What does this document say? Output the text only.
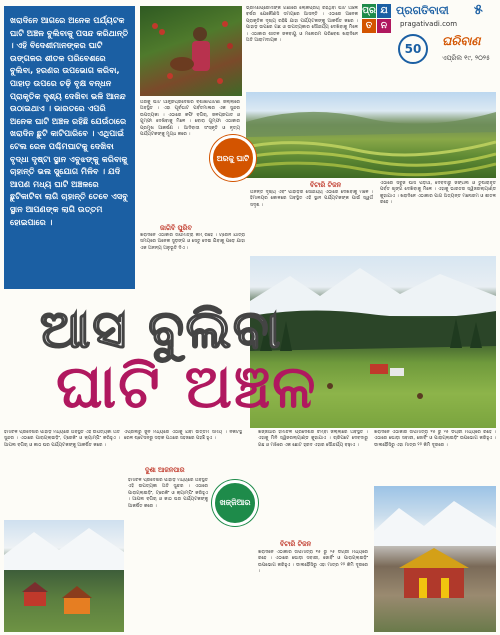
ଖରାଦିନେ ଆଗରେ ଅନେକ ପର୍ଯ୍ୟଟକ ଘାଟି ଅଞ୍ଚଳ ବୁଲିବାକୁ ପସନ୍ଦ କରିଥାନ୍ତି । ଏହି ବିଦେଶୀମାନଙ୍କର ଘାଟି ଉଙ୍ଗଳର ଶୀତଳ ପରିବେଶରେ ବୁଲିବା, ହରଣର ଉପଭୋଗ କରିବା, ପାହାଡ଼ ଉପରେ ଚଢ଼ି ବୃକ୍ଷ ବନ୍ଧନ ପ୍ରାକୃତିକ ଦୃଶ୍ୟ ଦେଖିବା ଭଳି ଆନନ୍ଦ ଉଠାଇଥାଏ । ଭାରତରେ ଏପରି ଅନେକ ଘାଟି ଅଞ୍ଚଳ ରହିଛି ଯେଉଁଠାରେ ଖରାଦିନ ଛୁଟି କାଟିପାରିବେ । ଏଥିପାଇଁ ଟେଲ ରେଳ ପଶ୍ଚିମଘାଟକୁ ଦେଖିବା ବୃଦ୍ଧା ଦୃଷ୍ଟା ସ୍ଥାନ ଏବୁଝଙ୍କୁ କରିବାକୁ ଚାହାନ୍ତି ଭଲ ସୁଯୋଗ ମିଳିବ । ଯଦି ଆପଣ ମଧ୍ୟ ଘାଟି ଅଞ୍ଚଳରେ ଛୁଟିକାଟିବା ଲାଗି ଚାହାନ୍ତି ତେବେ ଏସବୁ ସ୍ଥାନ ଆପଣଙ୍କ ଲାଗି ଉତ୍ତମ ହୋଇପାରେ ।
ଭ୍ରମଣପ୍ରେମୀଙ୍କ ଗଣାରେ ଲୋକପ୍ରିୟ ରହିଥିବା ଘାଟି ଅଞ୍ଚଳ ବର୍ଷର ଯେକୌଣସି ସମୟରେ ଆସନ୍ତି । ଏଠାରେ ଅନେକ ପ୍ରାକୃତିକ ଦୃଶ୍ୟ ରହିଛି ଯାହା ପର୍ଯ୍ୟଟକଙ୍କୁ ଆକର୍ଷିତ କରେ । ପାହାଡ଼ ଉପରେ ଗଛ ଓ ଉପତ୍ୟକାର ସୌନ୍ଦର୍ଯ୍ୟ ଦେଖିବାକୁ ମିଳେ । ଏଠାକାର ଶୀତଳ ଜଳବାୟୁ ଓ ମନୋରମ ପରିବେଶ ଖରାଦିନେ ଅତି ଆରାମଦାୟକ ।
ପ୍ର ଯ
ତ ନ
ପ୍ରଗତିବାଦୀ ୫
pragativadi.com
50
ଘରିବାଣ
ଏପ୍ରିଲ ୧୯, ୨୦୨୫
ଅରକୁ ଘାଟି ଆନ୍ଧ୍ରପ୍ରଦେଶର ବିଶାଖାପାଟଣା ଜିଲ୍ଲାରେ ଅବସ୍ଥିତ । ଏହା ପୂର୍ବଘାଟ ପର୍ବତମାଳାର ଏକ ସୁନ୍ଦର ଉପତ୍ୟକା । ଏଠାରେ କଫି ବଗିଚା, ଜଳପ୍ରପାତ ଓ ଗୁମ୍ଫା ଦେଖିବାକୁ ମିଳେ । ବୋରା ଗୁମ୍ଫା ଏଠାକାର ପ୍ରମୁଖ ଆକର୍ଷଣ । ଆଦିବାସୀ ସଂସ୍କୃତି ଓ ନୃତ୍ୟ ପର୍ଯ୍ୟଟକଙ୍କୁ ମୁଗ୍ଧ କରେ ।
ଅରକୁ ଘାଟି
ଜାଗିବି ପୁରିବ
ଖରାଦିନେ ଏଠାକାର ତାପମାତ୍ରା କମ୍ ରହେ । ଟ୍ରେନ ଯାତ୍ରା ସମୟରେ ଅନେକ ସୁଡ଼ଙ୍ଗ ଓ ସେତୁ ଦେଇ ଯିବାକୁ ପଡ଼େ ଯାହା ଏକ ଅନନ୍ୟ ଅନୁଭୂତି ଦିଏ ।
ବିଟାରି ଟିଜନ
ଅନନ୍ତ ଦୃଶ୍ୟ ଏବଂ ପାହାଡ଼ର ସୌନ୍ଦର୍ଯ୍ୟ ଏଠାରେ ଦେଖିବାକୁ ମିଳେ । ହିମାଳୟର କୋଳରେ ଅବସ୍ଥିତ ଏହି ସ୍ଥାନ ପର୍ଯ୍ୟଟକଙ୍କ ପାଇଁ ସ୍ୱର୍ଗ ସଦୃଶ ।
ଏଠାରେ ସବୁଜ ଘାସ ପଡ଼ିଆ, ଦେବଦାରୁ ଜଙ୍ଗଲ ଓ ତୁଷାରାବୃତ ପର୍ବତ ଶୃଙ୍ଗ ଦେଖିବାକୁ ମିଳେ । ଏହାକୁ ଭାରତର ସ୍ୱିଜରଲ୍ୟାଣ୍ଡ କୁହାଯାଏ । ଖରାଦିନେ ଏଠାକାର ପାଗ ଅତ୍ୟନ୍ତ ମନୋରମ ଓ ଶୀତଳ ରହେ ।
ଆସ ବୁଲିବା
ଘାଟି ଅଞ୍ଚଳ
ହିମାଚଳ ପ୍ରଦେଶର ପାହାଡ଼ ମଧ୍ୟରେ ଅବସ୍ଥିତ ଏହି ଉପତ୍ୟକା ଅତି ସୁନ୍ଦର । ଏଠାରେ ପାରାଗ୍ଲାଇଡ଼ିଂ, ଟ୍ରେକିଂ ଓ କ୍ୟାମ୍ପିଂ କରିହୁଏ । ଆପଲ ବଗିଚା ଓ କାଠ ଘର ପର୍ଯ୍ୟଟକଙ୍କୁ ଆକର୍ଷିତ କରେ ।
ଏପ୍ରିଲରୁ ଜୁନ ମଧ୍ୟରେ ଏଠାକୁ ଯିବା ଉତ୍ତମ ସମୟ । ନିକଟସ୍ଥ ରେଳ ଷ୍ଟେସନରୁ ସଡ଼କ ପଥରେ ସହଜରେ ପହଞ୍ଚି ହୁଏ ।
ଦୁଶା ଆଜନପାର
ଖଜ୍ଜିଆର
ଖଜ୍ଜିଆର ହିମାଚଳ ପ୍ରଦେଶର ଚମ୍ବା ଜିଲ୍ଲାରେ ଅବସ୍ଥିତ । ଏହାକୁ ମିନି ସ୍ୱିଜରଲ୍ୟାଣ୍ଡ କୁହାଯାଏ । ଚାରିପଟେ ଦେବଦାରୁ ଗଛ ଓ ମଝିରେ ଏକ ଛୋଟ ହ୍ରଦ ଏହାର ସୌନ୍ଦର୍ଯ୍ୟ ବଢ଼ାଏ ।
ଖରାଦିନେ ଏଠାକାର ତାପମାତ୍ରା ୧୫ ରୁ ୨୫ ଡିଗ୍ରୀ ମଧ୍ୟରେ ରହେ । ଏଠାରେ ଘୋଡ଼ା ସବାରୀ, ଜୋର୍ବିଂ ଓ ପାରାଗ୍ଲାଇଡ଼ିଂ ଉପଭୋଗ କରିହୁଏ । ଡାଲହୌସିରୁ ଏହା ମାତ୍ର ୨୨ କିମି ଦୂରରେ ।
ହିମାଚଳ ପ୍ରଦେଶର ପାହାଡ଼ ମଧ୍ୟରେ ଅବସ୍ଥିତ ଏହି ଉପତ୍ୟକା ଅତି ସୁନ୍ଦର । ଏଠାରେ ପାରାଗ୍ଲାଇଡ଼ିଂ, ଟ୍ରେକିଂ ଓ କ୍ୟାମ୍ପିଂ କରିହୁଏ । ଆପଲ ବଗିଚା ଓ କାଠ ଘର ପର୍ଯ୍ୟଟକଙ୍କୁ ଆକର୍ଷିତ କରେ ।
ବିଟାରି ଟିଜନ
ଖରାଦିନେ ଏଠାକାର ତାପମାତ୍ରା ୧୫ ରୁ ୨୫ ଡିଗ୍ରୀ ମଧ୍ୟରେ ରହେ । ଏଠାରେ ଘୋଡ଼ା ସବାରୀ, ଜୋର୍ବିଂ ଓ ପାରାଗ୍ଲାଇଡ଼ିଂ ଉପଭୋଗ କରିହୁଏ । ଡାଲହୌସିରୁ ଏହା ମାତ୍ର ୨୨ କିମି ଦୂରରେ ।
